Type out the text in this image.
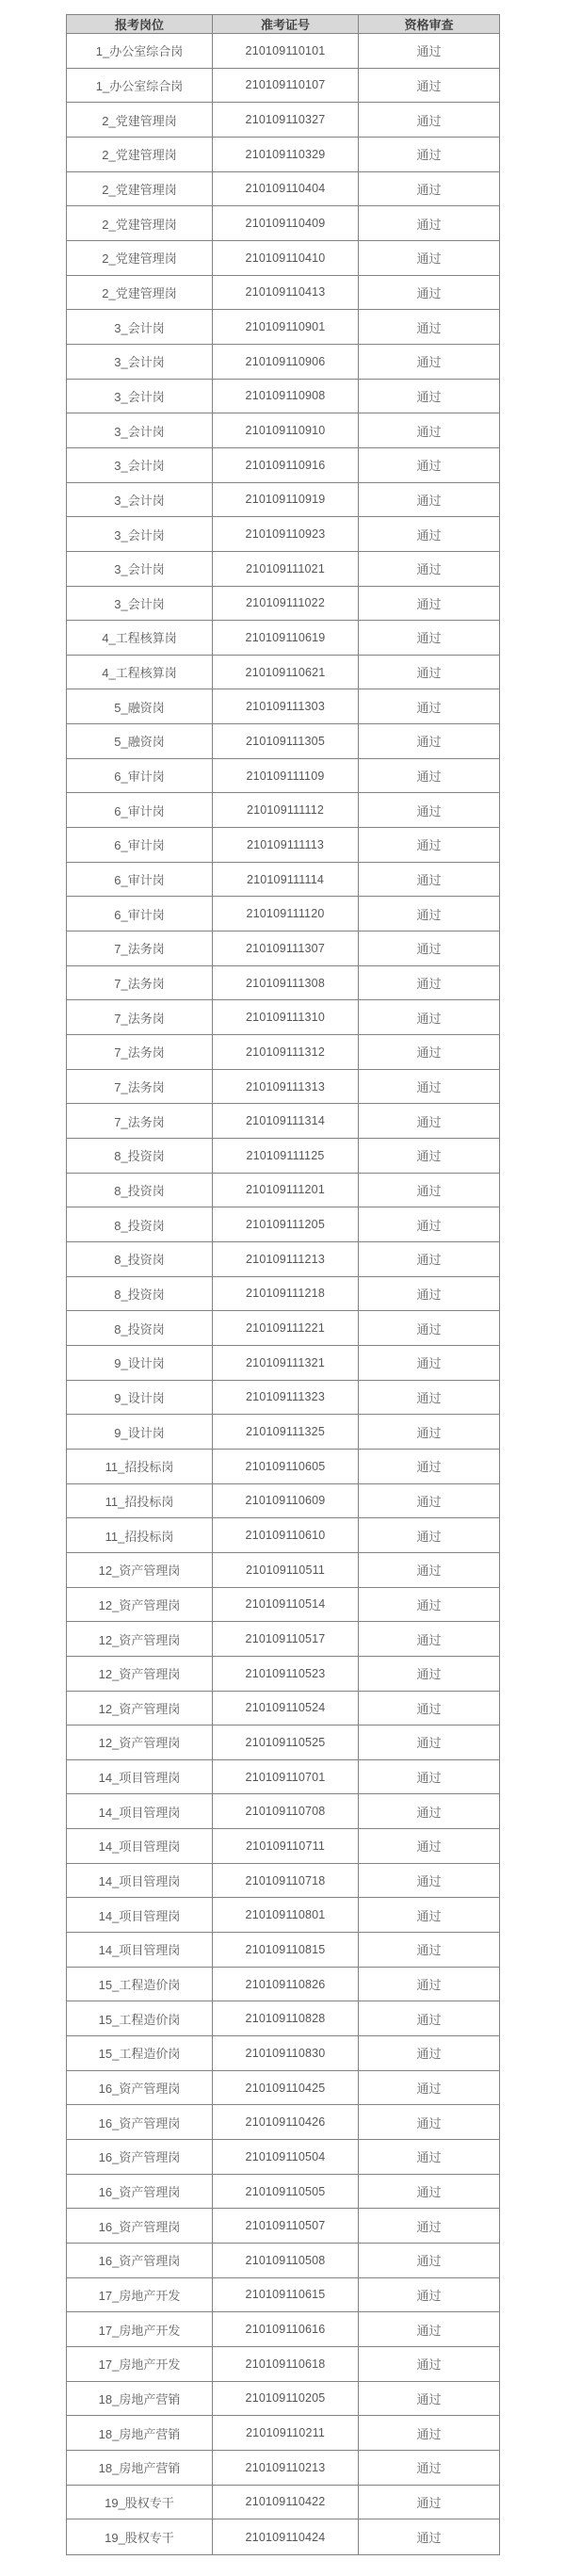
报考岗位	准考证号	资格审查
1_办公室综合岗	210109110101	通过
1_办公室综合岗	210109110107	通过
2_党建管理岗	210109110327	通过
2_党建管理岗	210109110329	通过
2_党建管理岗	210109110404	通过
2_党建管理岗	210109110409	通过
2_党建管理岗	210109110410	通过
2_党建管理岗	210109110413	通过
3_会计岗	210109110901	通过
3_会计岗	210109110906	通过
3_会计岗	210109110908	通过
3_会计岗	210109110910	通过
3_会计岗	210109110916	通过
3_会计岗	210109110919	通过
3_会计岗	210109110923	通过
3_会计岗	210109111021	通过
3_会计岗	210109111022	通过
4_工程核算岗	210109110619	通过
4_工程核算岗	210109110621	通过
5_融资岗	210109111303	通过
5_融资岗	210109111305	通过
6_审计岗	210109111109	通过
6_审计岗	210109111112	通过
6_审计岗	210109111113	通过
6_审计岗	210109111114	通过
6_审计岗	210109111120	通过
7_法务岗	210109111307	通过
7_法务岗	210109111308	通过
7_法务岗	210109111310	通过
7_法务岗	210109111312	通过
7_法务岗	210109111313	通过
7_法务岗	210109111314	通过
8_投资岗	210109111125	通过
8_投资岗	210109111201	通过
8_投资岗	210109111205	通过
8_投资岗	210109111213	通过
8_投资岗	210109111218	通过
8_投资岗	210109111221	通过
9_设计岗	210109111321	通过
9_设计岗	210109111323	通过
9_设计岗	210109111325	通过
11_招投标岗	210109110605	通过
11_招投标岗	210109110609	通过
11_招投标岗	210109110610	通过
12_资产管理岗	210109110511	通过
12_资产管理岗	210109110514	通过
12_资产管理岗	210109110517	通过
12_资产管理岗	210109110523	通过
12_资产管理岗	210109110524	通过
12_资产管理岗	210109110525	通过
14_项目管理岗	210109110701	通过
14_项目管理岗	210109110708	通过
14_项目管理岗	210109110711	通过
14_项目管理岗	210109110718	通过
14_项目管理岗	210109110801	通过
14_项目管理岗	210109110815	通过
15_工程造价岗	210109110826	通过
15_工程造价岗	210109110828	通过
15_工程造价岗	210109110830	通过
16_资产管理岗	210109110425	通过
16_资产管理岗	210109110426	通过
16_资产管理岗	210109110504	通过
16_资产管理岗	210109110505	通过
16_资产管理岗	210109110507	通过
16_资产管理岗	210109110508	通过
17_房地产开发	210109110615	通过
17_房地产开发	210109110616	通过
17_房地产开发	210109110618	通过
18_房地产营销	210109110205	通过
18_房地产营销	210109110211	通过
18_房地产营销	210109110213	通过
19_股权专干	210109110422	通过
19_股权专干	210109110424	通过
